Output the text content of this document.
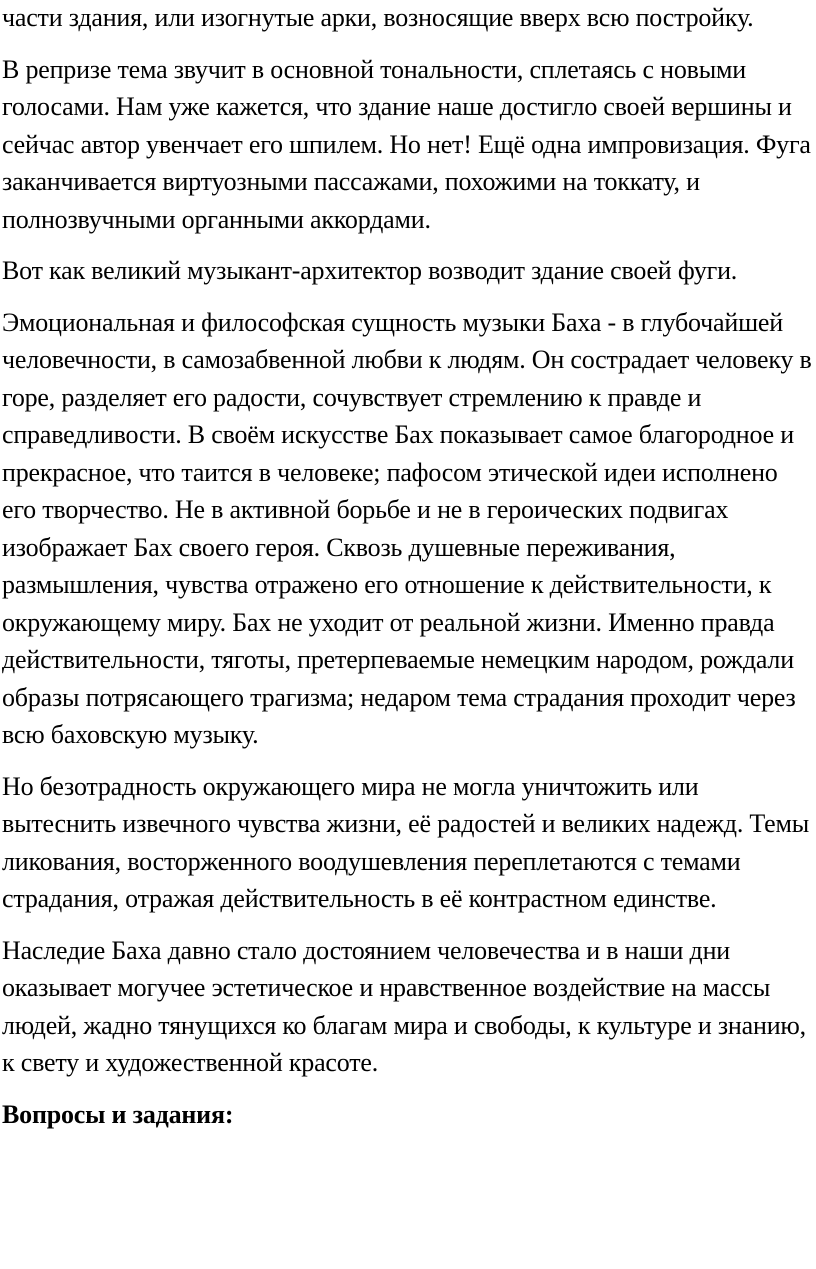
части здания, или изогнутые арки, возносящие вверх всю постройку.

В репризе тема звучит в основной тональности, сплетаясь с новыми голосами. Нам уже кажется, что здание наше достигло своей вершины и сейчас автор увенчает его шпилем. Но нет! Ещё одна импровизация. Фуга заканчивается виртуозными пассажами, похожими на токкату, и полнозвучными органными аккордами.

Вот как великий музыкант-архитектор возводит здание своей фуги.

Эмоциональная и философская сущность музыки Баха - в глубочайшей человечности, в самозабвенной любви к людям. Он сострадает человеку в горе, разделяет его радости, сочувствует стремлению к правде и справедливости. В своём искусстве Бах показывает самое благородное и прекрасное, что таится в человеке; пафосом этической идеи исполнено его творчество. Не в активной борьбе и не в героических подвигах изображает Бах своего героя. Сквозь душевные переживания, размышления, чувства отражено его отношение к действительности, к окружающему миру. Бах не уходит от реальной жизни. Именно правда действительности, тяготы, претерпеваемые немецким народом, рождали образы потрясающего трагизма; недаром тема страдания проходит через всю баховскую музыку.

Но безотрадность окружающего мира не могла уничтожить или вытеснить извечного чувства жизни, её радостей и великих надежд. Темы ликования, восторженного воодушевления переплетаются с темами страдания, отражая действительность в её контрастном единстве.

Наследие Баха давно стало достоянием человечества и в наши дни оказывает могучее эстетическое и нравственное воздействие на массы людей, жадно тянущихся ко благам мира и свободы, к культуре и знанию, к свету и художественной красоте.

Вопросы и задания:
